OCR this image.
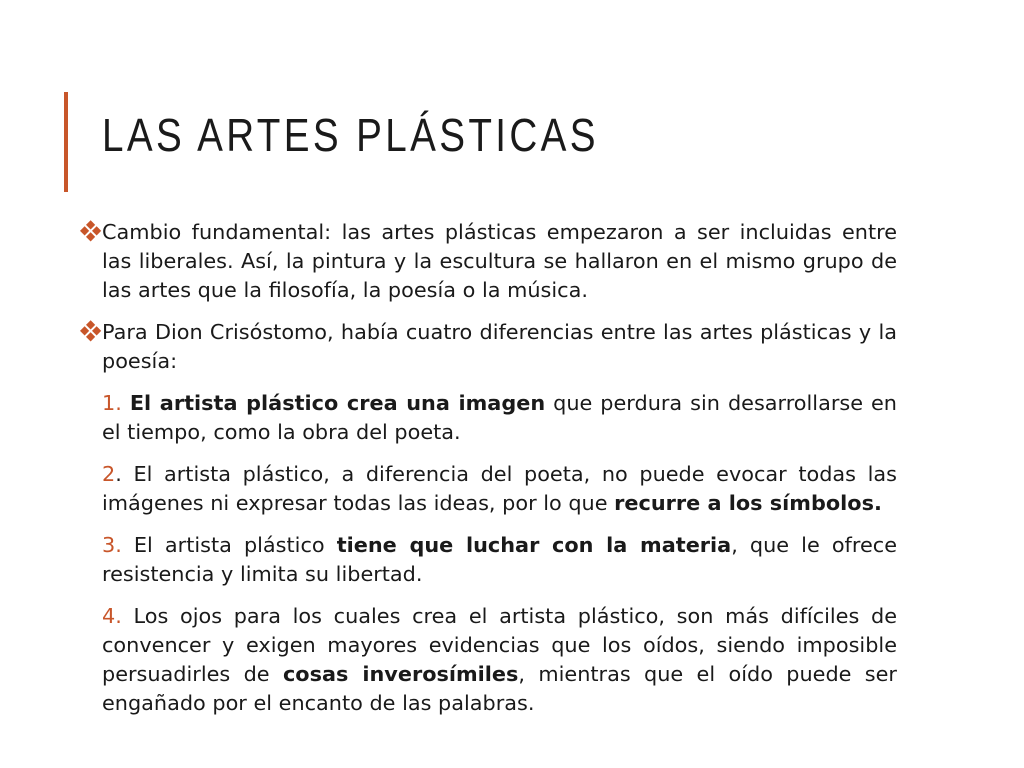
LAS ARTES PLÁSTICAS

◆
◆ ◆
◆ Cambio fundamental: las artes plásticas empezaron a ser incluidas entre las liberales. Así, la pintura y la escultura se hallaron en el mismo grupo de las artes que la filosofía, la poesía o la música.

◆
◆ ◆
◆ Para Dion Crisóstomo, había cuatro diferencias entre las artes plásticas y la poesía:

1. El artista plástico crea una imagen que perdura sin desarrollarse en el tiempo, como la obra del poeta.

2. El artista plástico, a diferencia del poeta, no puede evocar todas las imágenes ni expresar todas las ideas, por lo que recurre a los símbolos.

3. El artista plástico tiene que luchar con la materia, que le ofrece resistencia y limita su libertad.

4. Los ojos para los cuales crea el artista plástico, son más difíciles de convencer y exigen mayores evidencias que los oídos, siendo imposible persuadirles de cosas inverosímiles, mientras que el oído puede ser engañado por el encanto de las palabras.
